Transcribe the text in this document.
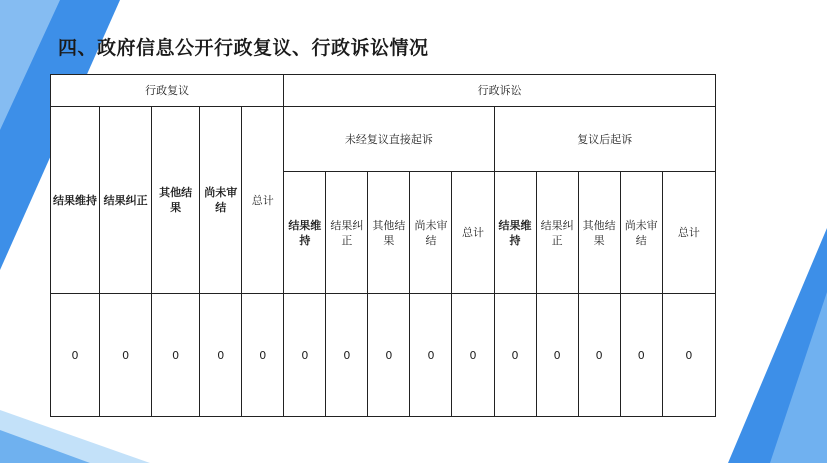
四、政府信息公开行政复议、行政诉讼情况
行政复议					行政诉讼									
结果维持	结果纠正	其他结果	尚未审结	总计	未经复议直接起诉					复议后起诉				
					结果维持	结果纠正	其他结果	尚未审结	总计	结果维持	结果纠正	其他结果	尚未审结	总计
0	0	0	0	0	0	0	0	0	0	0	0	0	0	0
